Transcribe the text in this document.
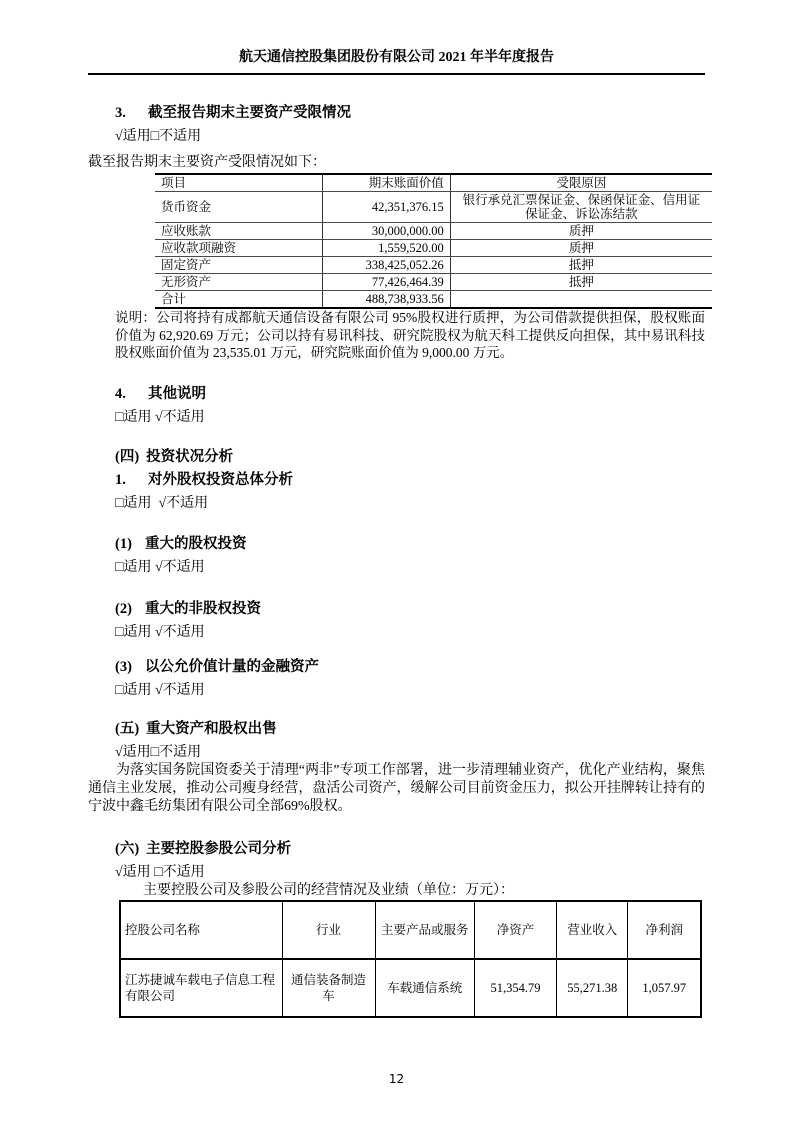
航天通信控股集团股份有限公司 2021 年半年度报告
3. 截至报告期末主要资产受限情况
√适用□不适用
截至报告期末主要资产受限情况如下：
项目	期末账面价值	受限原因
货币资金	42,351,376.15	银行承兑汇票保证金、保函保证金、信用证保证金、诉讼冻结款
应收账款	30,000,000.00	质押
应收款项融资	1,559,520.00	质押
固定资产	338,425,052.26	抵押
无形资产	77,426,464.39	抵押
合计	488,738,933.56	
说明：公司将持有成都航天通信设备有限公司 95%股权进行质押，为公司借款提供担保，股权账面价值为 62,920.69 万元；公司以持有易讯科技、研究院股权为航天科工提供反向担保，其中易讯科技股权账面价值为 23,535.01 万元，研究院账面价值为 9,000.00 万元。
4. 其他说明
□适用 √不适用
(四) 投资状况分析
1. 对外股权投资总体分析
□适用  √不适用
(1) 重大的股权投资
□适用 √不适用
(2) 重大的非股权投资
□适用 √不适用
(3) 以公允价值计量的金融资产
□适用 √不适用
(五) 重大资产和股权出售
√适用□不适用
为落实国务院国资委关于清理“两非”专项工作部署，进一步清理辅业资产，优化产业结构，聚焦通信主业发展，推动公司瘦身经营，盘活公司资产，缓解公司目前资金压力，拟公开挂牌转让持有的宁波中鑫毛纺集团有限公司全部69%股权。
(六) 主要控股参股公司分析
√适用 □不适用
主要控股公司及参股公司的经营情况及业绩（单位：万元）：
控股公司名称	行业	主要产品或服务	净资产	营业收入	净利润
江苏捷诚车载电子信息工程有限公司	通信装备制造车	车载通信系统	51,354.79	55,271.38	1,057.97
12
